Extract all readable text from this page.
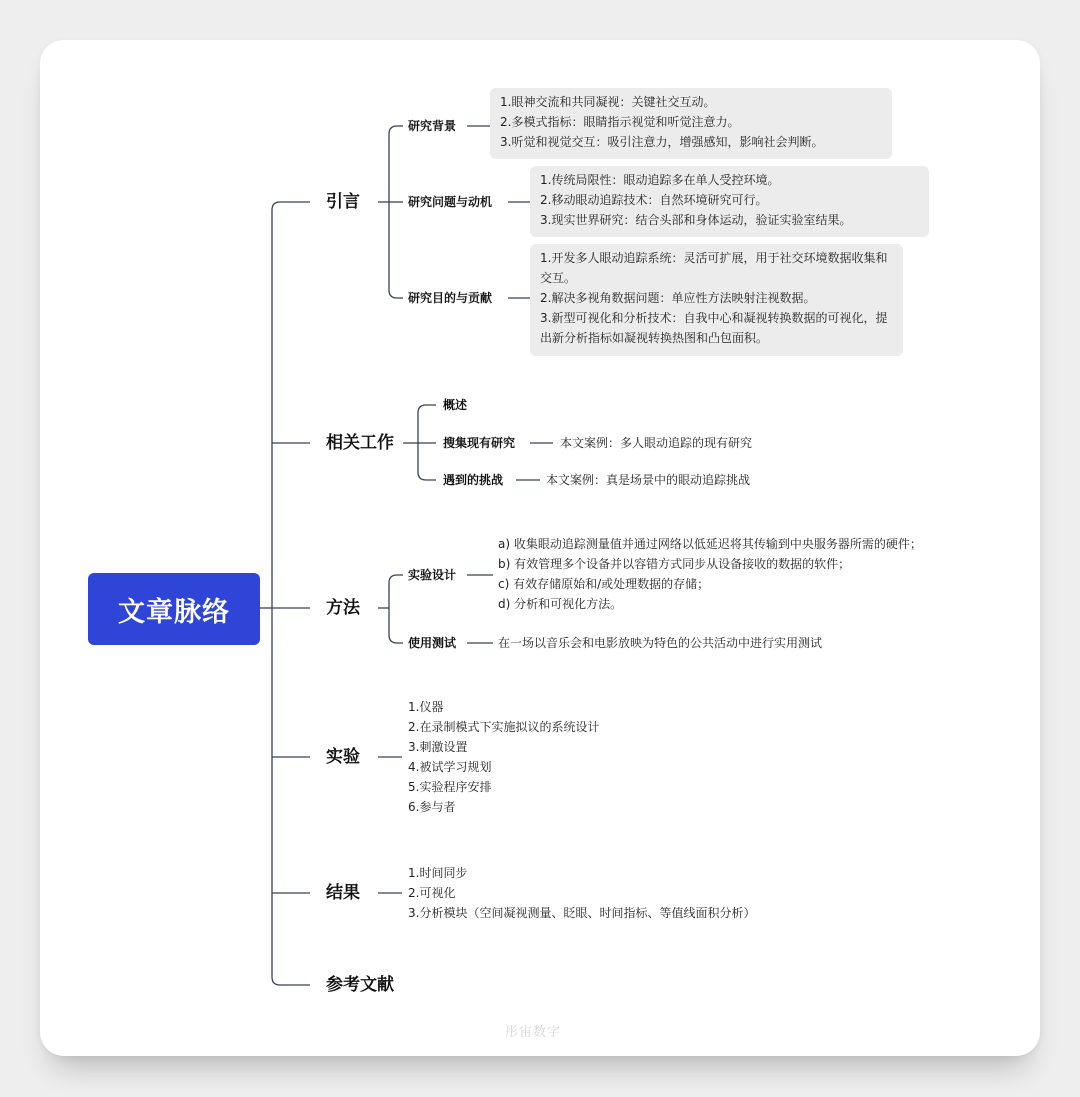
文章脉络
引言
研究背景
1.眼神交流和共同凝视：关键社交互动。
2.多模式指标：眼睛指示视觉和听觉注意力。
3.听觉和视觉交互：吸引注意力，增强感知，影响社会判断。
研究问题与动机
1.传统局限性：眼动追踪多在单人受控环境。
2.移动眼动追踪技术：自然环境研究可行。
3.现实世界研究：结合头部和身体运动，验证实验室结果。
研究目的与贡献
1.开发多人眼动追踪系统：灵活可扩展，用于社交环境数据收集和交互。
2.解决多视角数据问题：单应性方法映射注视数据。
3.新型可视化和分析技术：自我中心和凝视转换数据的可视化，提出新分析指标如凝视转换热图和凸包面积。
相关工作
概述
搜集现有研究	本文案例：多人眼动追踪的现有研究
遇到的挑战	本文案例：真是场景中的眼动追踪挑战
方法
实验设计
a) 收集眼动追踪测量值并通过网络以低延迟将其传输到中央服务器所需的硬件；
b) 有效管理多个设备并以容错方式同步从设备接收的数据的软件；
c) 有效存储原始和/或处理数据的存储；
d) 分析和可视化方法。
使用测试	在一场以音乐会和电影放映为特色的公共活动中进行实用测试
实验
1.仪器
2.在录制模式下实施拟议的系统设计
3.刺激设置
4.被试学习规划
5.实验程序安排
6.参与者
结果
1.时间同步
2.可视化
3.分析模块（空间凝视测量、眨眼、时间指标、等值线面积分析）
参考文献
彤宙数字
